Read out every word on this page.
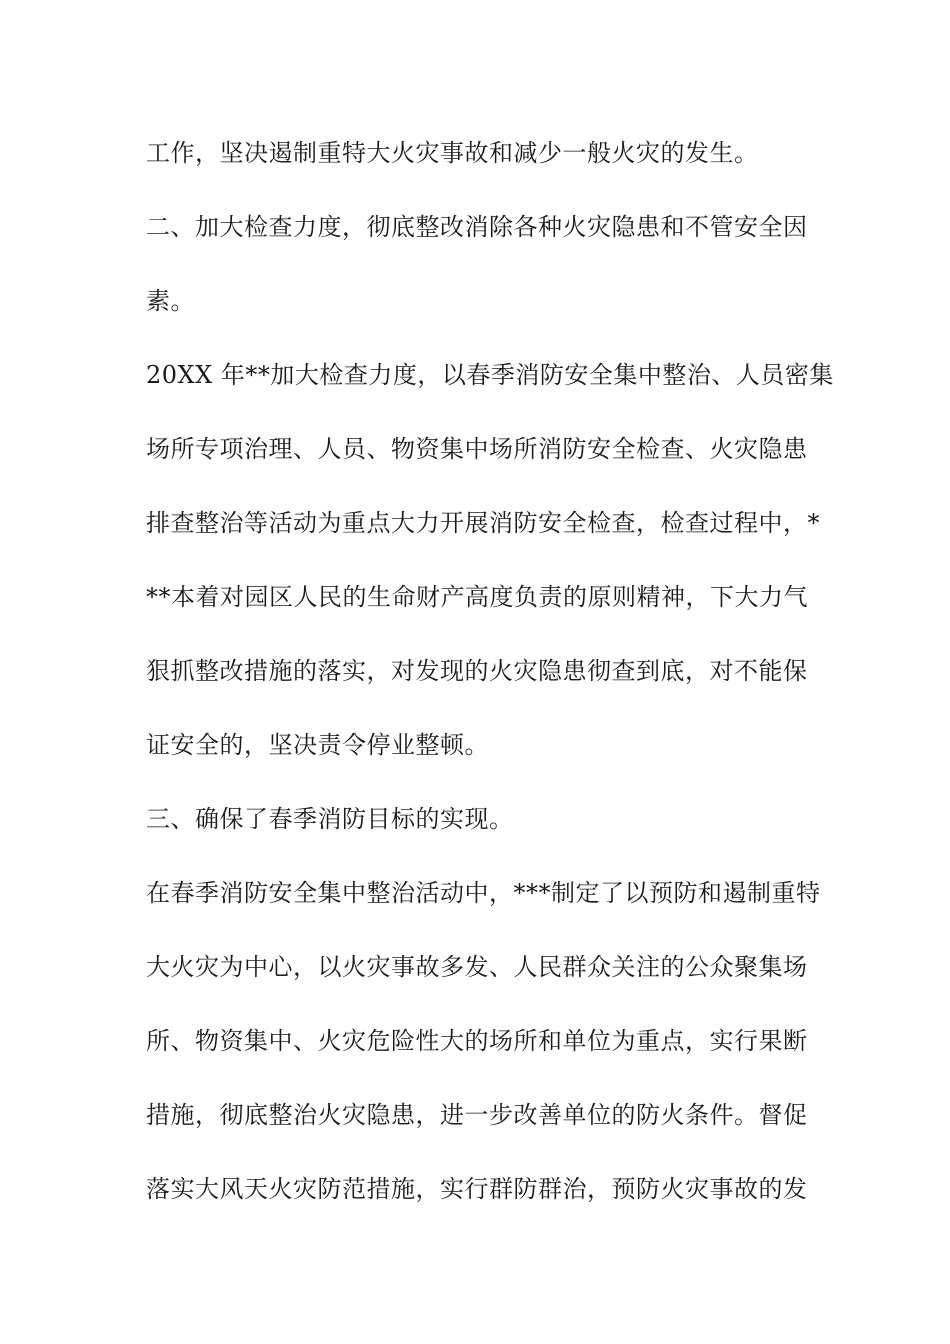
工作，坚决遏制重特大火灾事故和减少一般火灾的发生。
二、加大检查力度，彻底整改消除各种火灾隐患和不管安全因
素。
20XX 年**加大检查力度，以春季消防安全集中整治、人员密集
场所专项治理、人员、物资集中场所消防安全检查、火灾隐患
排查整治等活动为重点大力开展消防安全检查，检查过程中，*
**本着对园区人民的生命财产高度负责的原则精神，下大力气
狠抓整改措施的落实，对发现的火灾隐患彻查到底，对不能保
证安全的，坚决责令停业整顿。
三、确保了春季消防目标的实现。
在春季消防安全集中整治活动中，***制定了以预防和遏制重特
大火灾为中心，以火灾事故多发、人民群众关注的公众聚集场
所、物资集中、火灾危险性大的场所和单位为重点，实行果断
措施，彻底整治火灾隐患，进一步改善单位的防火条件。督促
落实大风天火灾防范措施，实行群防群治，预防火灾事故的发
